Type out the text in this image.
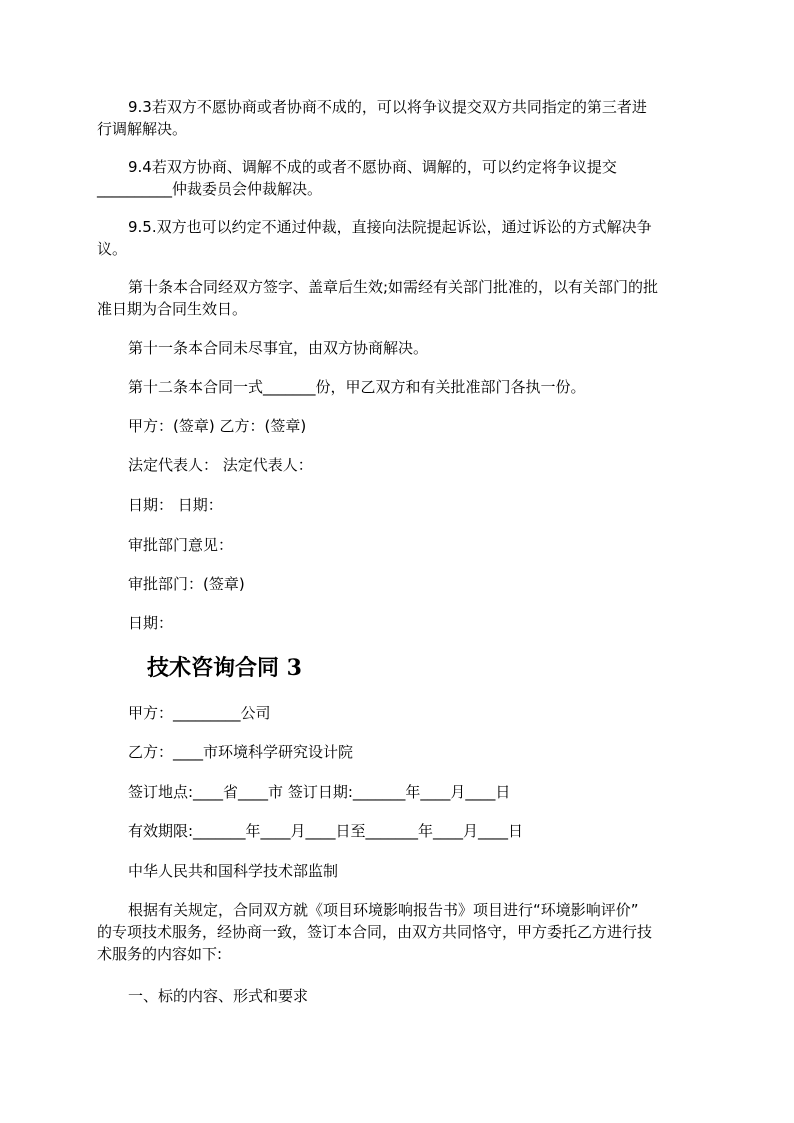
9.3若双方不愿协商或者协商不成的，可以将争议提交双方共同指定的第三者进
行调解解决。
9.4若双方协商、调解不成的或者不愿协商、调解的，可以约定将争议提交
__________仲裁委员会仲裁解决。
9.5.双方也可以约定不通过仲裁，直接向法院提起诉讼，通过诉讼的方式解决争
议。
第十条本合同经双方签字、盖章后生效;如需经有关部门批准的，以有关部门的批
准日期为合同生效日。
第十一条本合同未尽事宜，由双方协商解决。
第十二条本合同一式_______份，甲乙双方和有关批准部门各执一份。
甲方：(签章) 乙方：(签章)
法定代表人： 法定代表人：
日期： 日期：
审批部门意见：
审批部门：(签章)
日期：
技术咨询合同 3
甲方：_________公司
乙方：____市环境科学研究设计院
签订地点:____省____市 签订日期:_______年____月____日
有效期限:_______年____月____日至_______年____月____日
中华人民共和国科学技术部监制
根据有关规定，合同双方就《项目环境影响报告书》项目进行“环境影响评价”
的专项技术服务，经协商一致，签订本合同，由双方共同恪守，甲方委托乙方进行技
术服务的内容如下:
一、标的内容、形式和要求
